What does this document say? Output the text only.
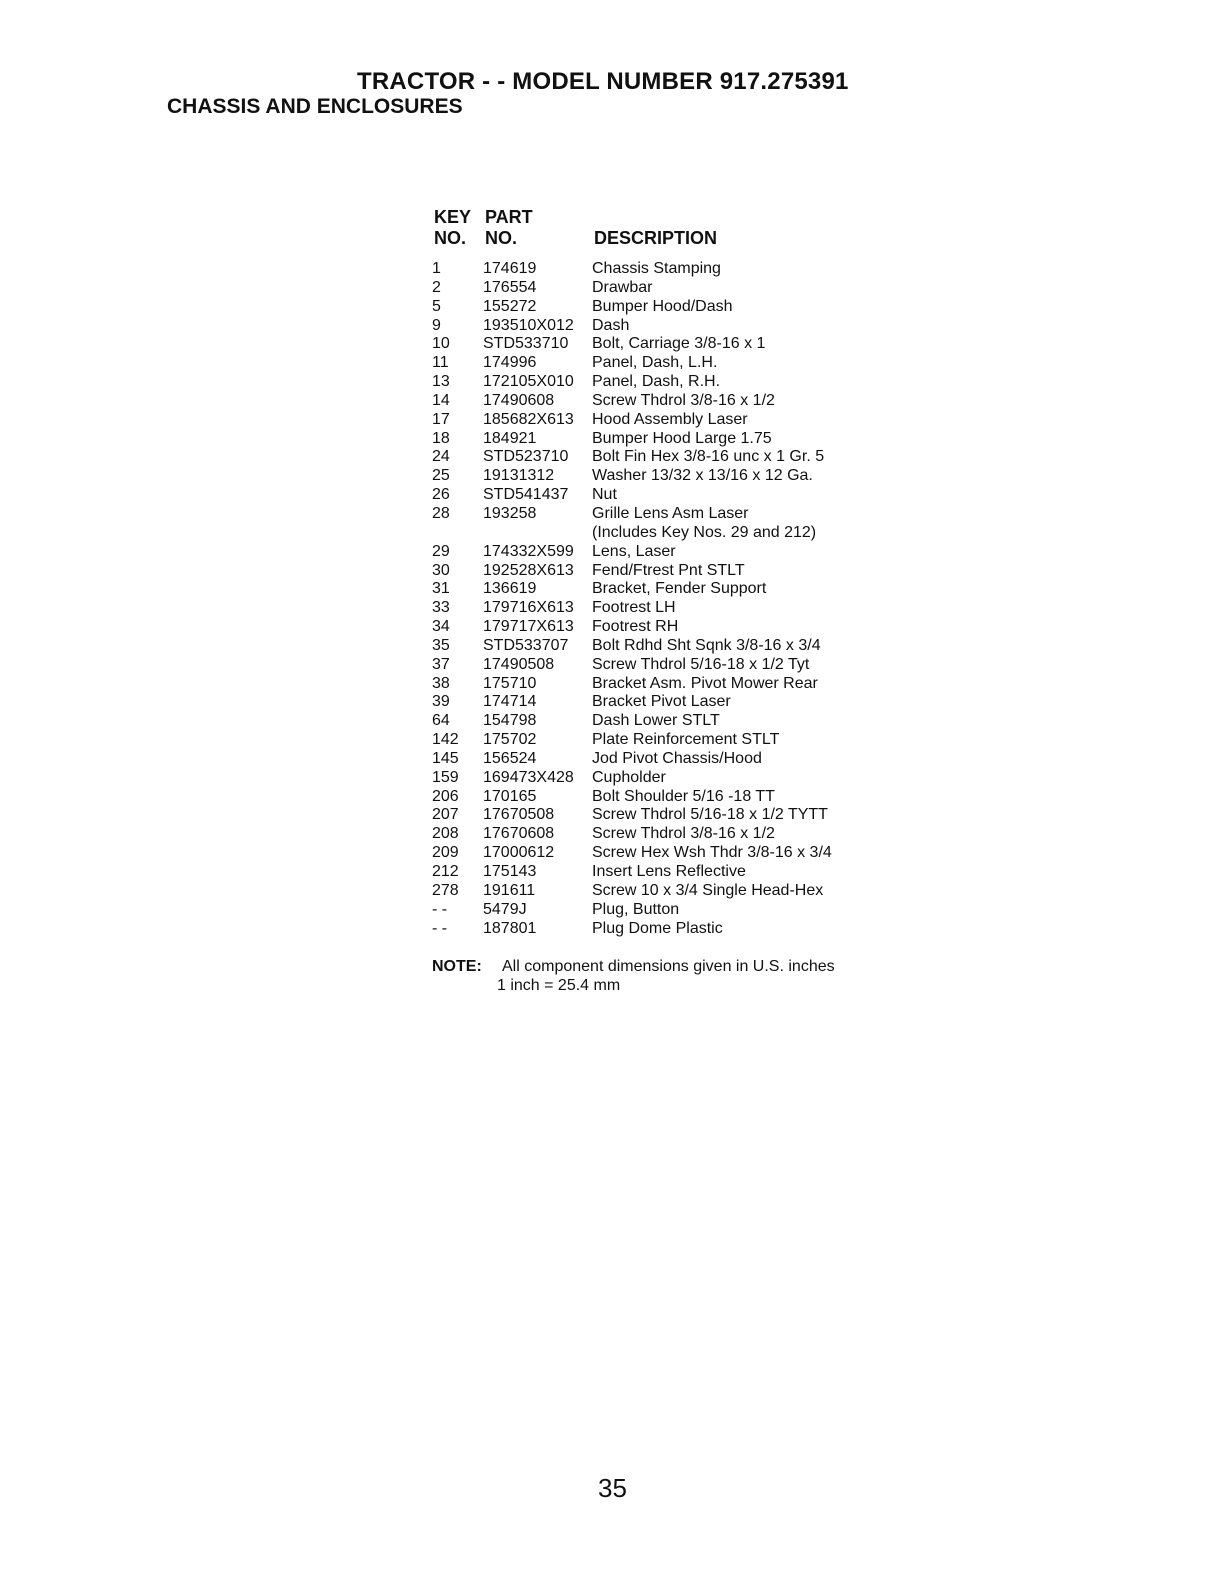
TRACTOR - - MODEL NUMBER 917.275391
CHASSIS AND ENCLOSURES
KEY PART
NO. NO.	DESCRIPTION
1	174619	Chassis Stamping
2	176554	Drawbar
5	155272	Bumper Hood/Dash
9	193510X012 Dash
10 STD533710 Bolt, Carriage 3/8-16 x 1
11 174996	Panel, Dash, L.H.
13 172105X010 Panel, Dash, R.H.
14 17490608 Screw Thdrol 3/8-16 x 1/2
17 185682X613 Hood Assembly Laser
18 184921	Bumper Hood Large 1.75
24 STD523710 Bolt Fin Hex 3/8-16 unc x 1 Gr. 5
25 19131312 Washer 13/32 x 13/16 x 12 Ga.
26 STD541437 Nut
28 193258	Grille Lens Asm Laser
(Includes Key Nos. 29 and 212)
29 174332X599 Lens, Laser
30 192528X613 Fend/Ftrest Pnt STLT
31 136619	Bracket, Fender Support
33 179716X613 Footrest LH
34 179717X613 Footrest RH
35 STD533707 Bolt Rdhd Sht Sqnk 3/8-16 x 3/4
37 17490508 Screw Thdrol 5/16-18 x 1/2 Tyt
38 175710	Bracket Asm. Pivot Mower Rear
39 174714	Bracket Pivot Laser
64 154798	Dash Lower STLT
142 175702	Plate Reinforcement STLT
145 156524	Jod Pivot Chassis/Hood
159 169473X428 Cupholder
206 170165	Bolt Shoulder 5/16 -18 TT
207 17670508 Screw Thdrol 5/16-18 x 1/2 TYTT
208 17670608 Screw Thdrol 3/8-16 x 1/2
209 17000612 Screw Hex Wsh Thdr 3/8-16 x 3/4
212 175143	Insert Lens Reflective
278 191611	Screw 10 x 3/4 Single Head-Hex
- - 5479J	Plug, Button
- - 187801	Plug Dome Plastic
NOTE: All component dimensions given in U.S. inches
1 inch = 25.4 mm
35
